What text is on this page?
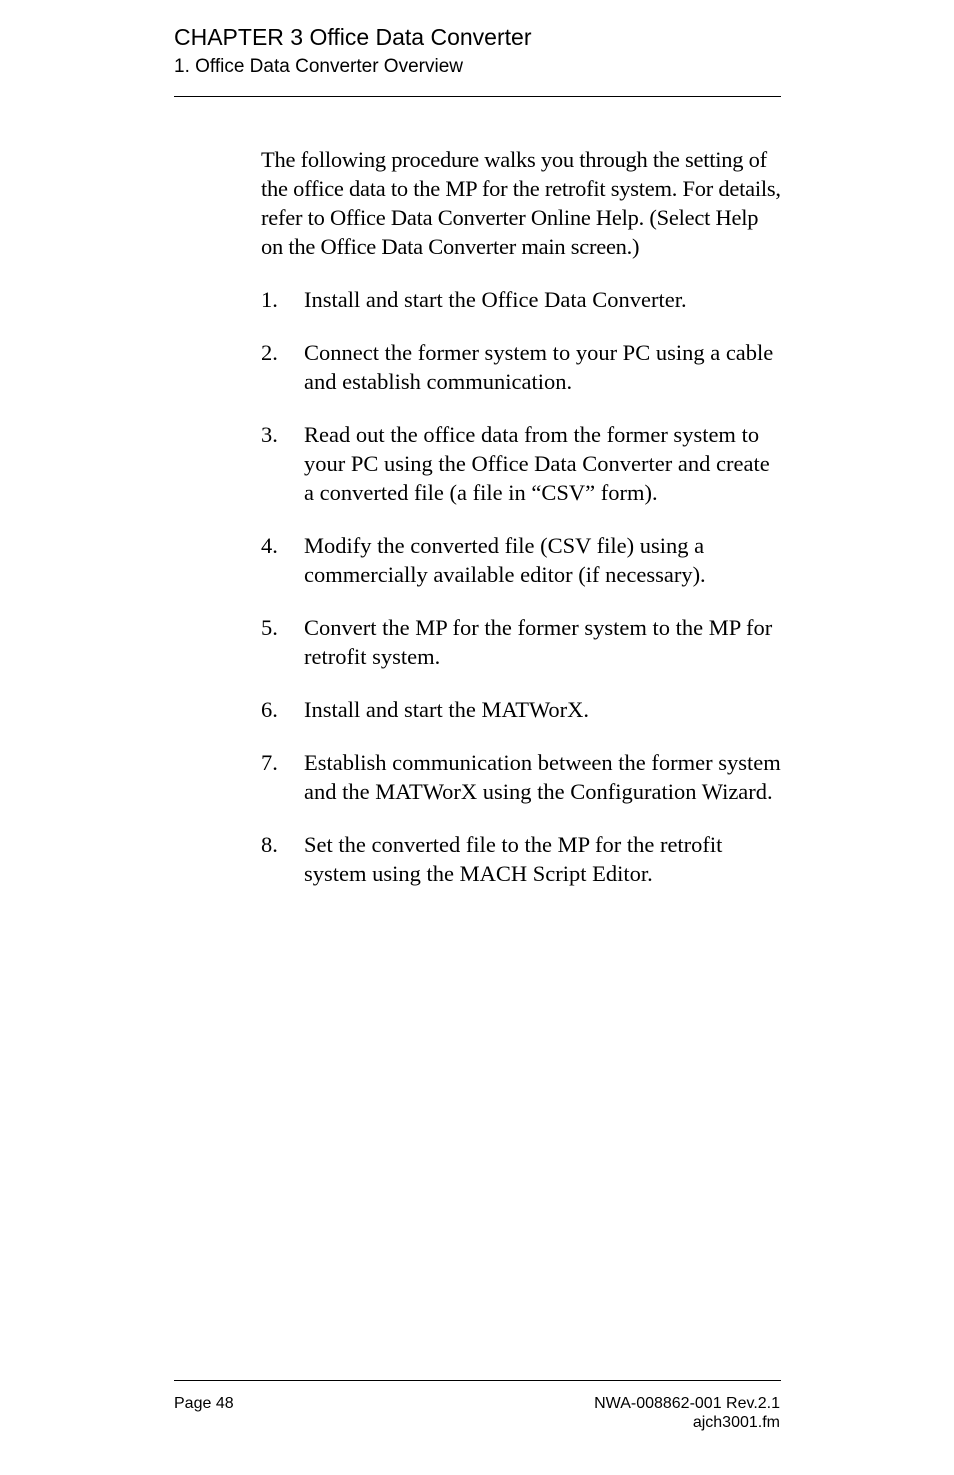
CHAPTER 3 Office Data Converter
1. Office Data Converter Overview

The following procedure walks you through the setting of the office data to the MP for the retrofit system. For details, refer to Office Data Converter Online Help. (Select Help on the Office Data Converter main screen.)

1. Install and start the Office Data Converter.
2. Connect the former system to your PC using a cable and establish communication.
3. Read out the office data from the former system to your PC using the Office Data Converter and create a converted file (a file in “CSV” form).
4. Modify the converted file (CSV file) using a commercially available editor (if necessary).
5. Convert the MP for the former system to the MP for retrofit system.
6. Install and start the MATWorX.
7. Establish communication between the former system and the MATWorX using the Configuration Wizard.
8. Set the converted file to the MP for the retrofit system using the MACH Script Editor.
Page 48	NWA-008862-001 Rev.2.1
ajch3001.fm
